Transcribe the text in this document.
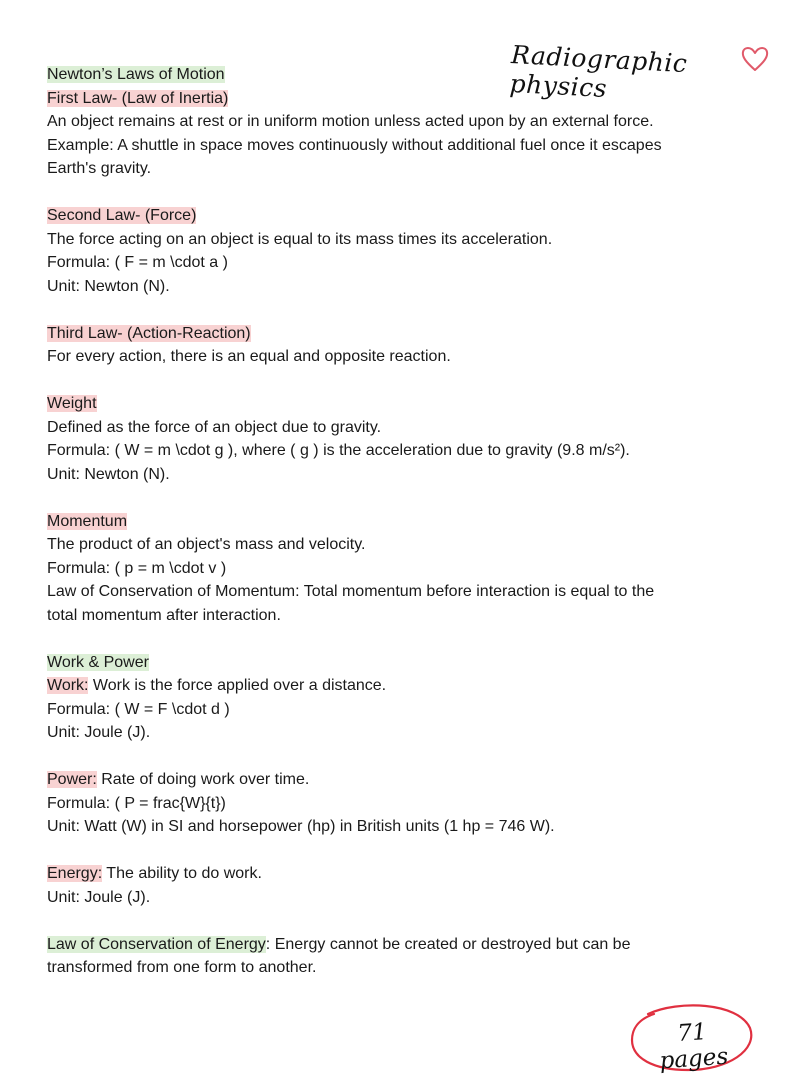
Radiographic physics
Newton’s Laws of Motion
First Law- (Law of Inertia)
An object remains at rest or in uniform motion unless acted upon by an external force.
Example: A shuttle in space moves continuously without additional fuel once it escapes
Earth's gravity.
Second Law- (Force)
The force acting on an object is equal to its mass times its acceleration.
Formula: ( F = m \cdot a )
Unit: Newton (N).
Third Law- (Action-Reaction)
For every action, there is an equal and opposite reaction.
Weight
Defined as the force of an object due to gravity.
Formula: ( W = m \cdot g ), where ( g ) is the acceleration due to gravity (9.8 m/s²).
Unit: Newton (N).
Momentum
The product of an object's mass and velocity.
Formula: ( p = m \cdot v )
Law of Conservation of Momentum: Total momentum before interaction is equal to the
total momentum after interaction.
Work & Power
Work: Work is the force applied over a distance.
Formula: ( W = F \cdot d )
Unit: Joule (J).
Power: Rate of doing work over time.
Formula: ( P = frac{W}{t})
Unit: Watt (W) in SI and horsepower (hp) in British units (1 hp = 746 W).
Energy: The ability to do work.
Unit: Joule (J).
Law of Conservation of Energy: Energy cannot be created or destroyed but can be
transformed from one form to another.
71 pages
